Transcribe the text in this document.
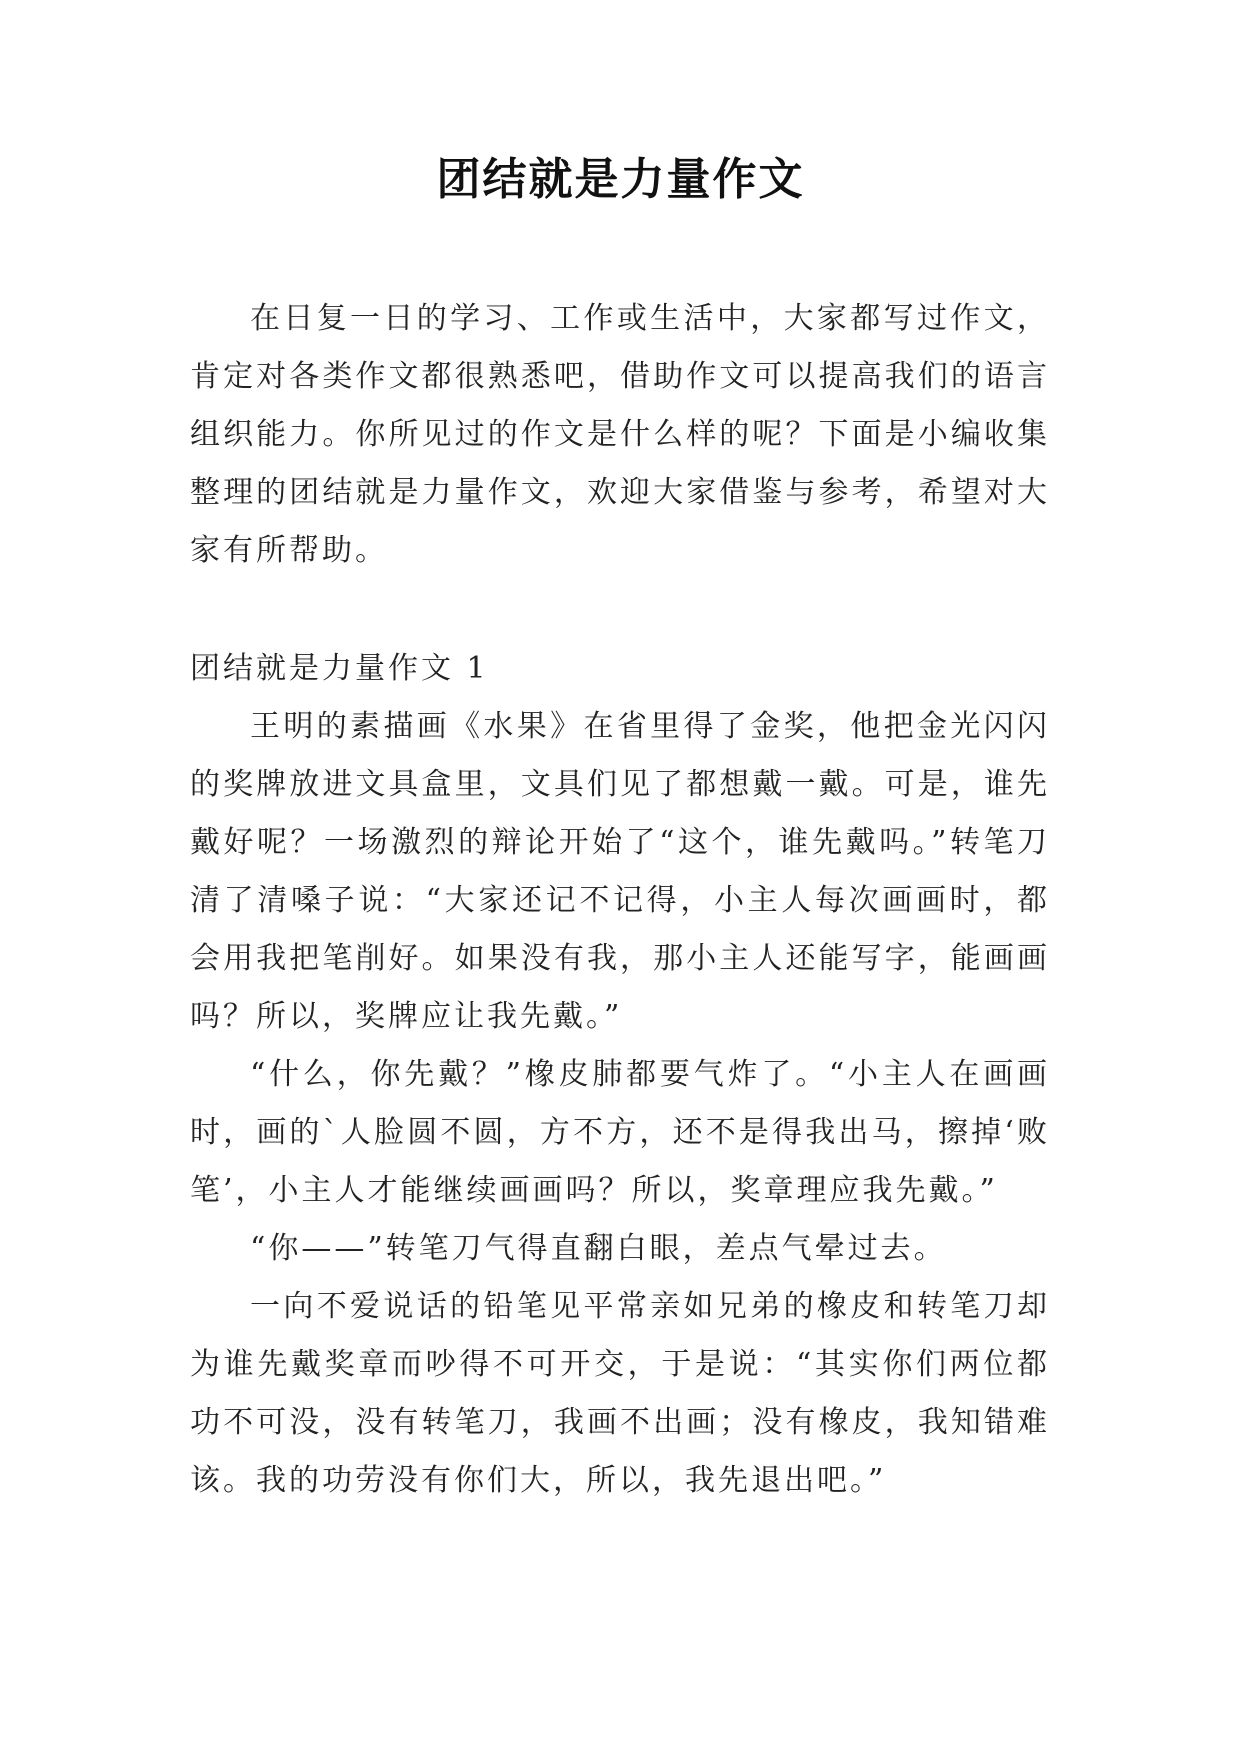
团结就是力量作文

在日复一日的学习、工作或生活中，大家都写过作文，肯定对各类作文都很熟悉吧，借助作文可以提高我们的语言组织能力。你所见过的作文是什么样的呢？下面是小编收集整理的团结就是力量作文，欢迎大家借鉴与参考，希望对大家有所帮助。

团结就是力量作文 1

王明的素描画《水果》在省里得了金奖，他把金光闪闪的奖牌放进文具盒里，文具们见了都想戴一戴。可是，谁先戴好呢？一场激烈的辩论开始了“这个，谁先戴吗。”转笔刀清了清嗓子说：“大家还记不记得，小主人每次画画时，都会用我把笔削好。如果没有我，那小主人还能写字，能画画吗？所以，奖牌应让我先戴。”

“什么，你先戴？”橡皮肺都要气炸了。“小主人在画画时，画的`人脸圆不圆，方不方，还不是得我出马，擦掉‘败笔’，小主人才能继续画画吗？所以，奖章理应我先戴。”

“你——”转笔刀气得直翻白眼，差点气晕过去。

一向不爱说话的铅笔见平常亲如兄弟的橡皮和转笔刀却为谁先戴奖章而吵得不可开交，于是说：“其实你们两位都功不可没，没有转笔刀，我画不出画；没有橡皮，我知错难该。我的功劳没有你们大，所以，我先退出吧。”
